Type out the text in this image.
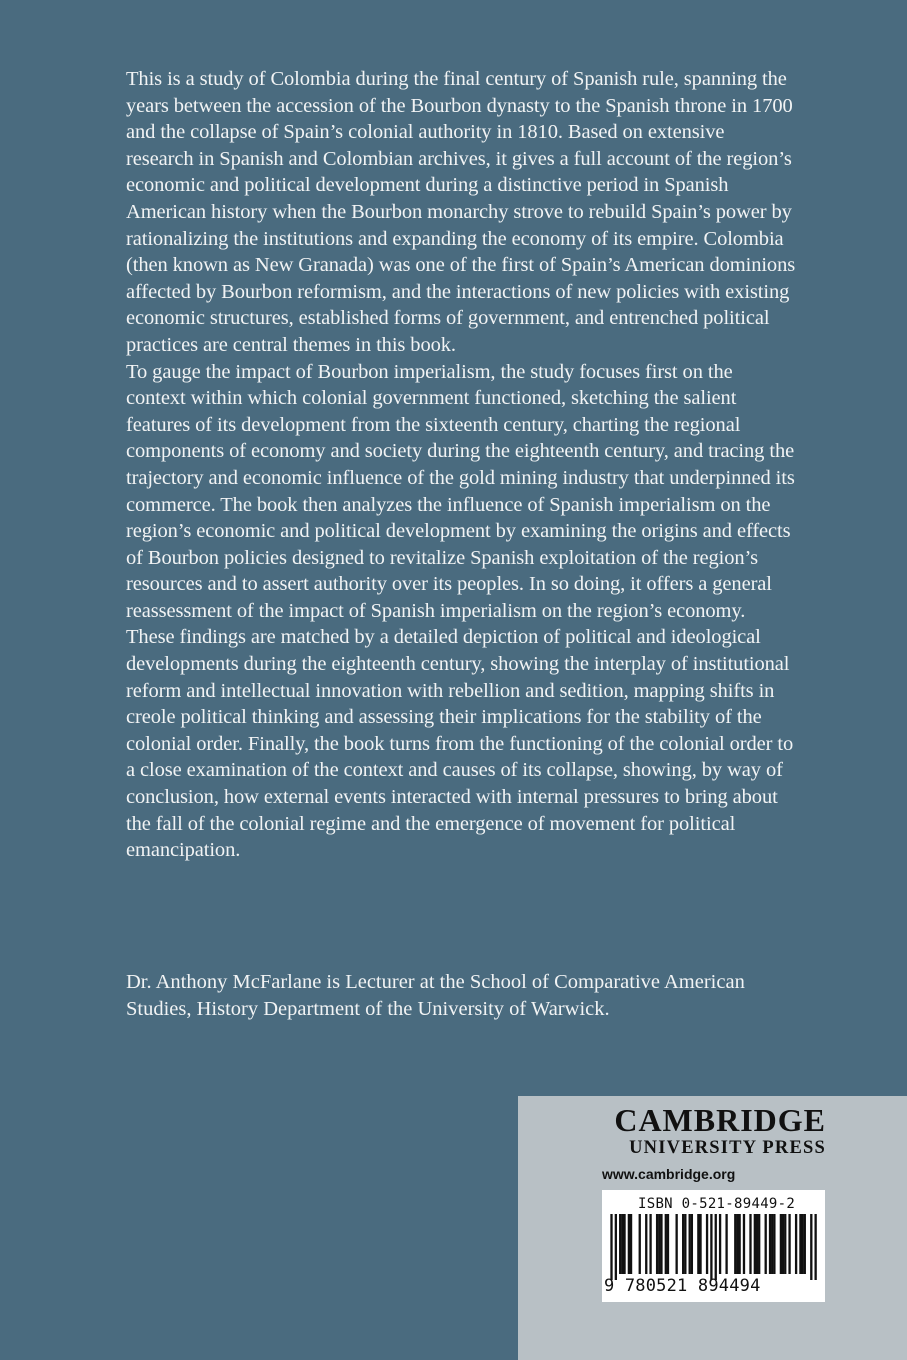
This is a study of Colombia during the final century of Spanish rule, spanning the years between the accession of the Bourbon dynasty to the Spanish throne in 1700 and the collapse of Spain’s colonial authority in 1810. Based on extensive research in Spanish and Colombian archives, it gives a full account of the region’s economic and political development during a distinctive period in Spanish American history when the Bourbon monarchy strove to rebuild Spain’s power by rationalizing the institutions and expanding the economy of its empire. Colombia (then known as New Granada) was one of the first of Spain’s American dominions affected by Bourbon reformism, and the interactions of new policies with existing economic structures, established forms of government, and entrenched political practices are central themes in this book.

To gauge the impact of Bourbon imperialism, the study focuses first on the context within which colonial government functioned, sketching the salient features of its development from the sixteenth century, charting the regional components of economy and society during the eighteenth century, and tracing the trajectory and economic influence of the gold mining industry that underpinned its commerce. The book then analyzes the influence of Spanish imperialism on the region’s economic and political development by examining the origins and effects of Bourbon policies designed to revitalize Spanish exploitation of the region’s resources and to assert authority over its peoples. In so doing, it offers a general reassessment of the impact of Spanish imperialism on the region’s economy.

These findings are matched by a detailed depiction of political and ideological developments during the eighteenth century, showing the interplay of institutional reform and intellectual innovation with rebellion and sedition, mapping shifts in creole political thinking and assessing their implications for the stability of the colonial order. Finally, the book turns from the functioning of the colonial order to a close examination of the context and causes of its collapse, showing, by way of conclusion, how external events interacted with internal pressures to bring about the fall of the colonial regime and the emergence of movement for political emancipation.

Dr. Anthony McFarlane is Lecturer at the School of Comparative American Studies, History Department of the University of Warwick.

CAMBRIDGE
UNIVERSITY PRESS
www.cambridge.org
ISBN 0-521-89449-2
9 780521 894494
